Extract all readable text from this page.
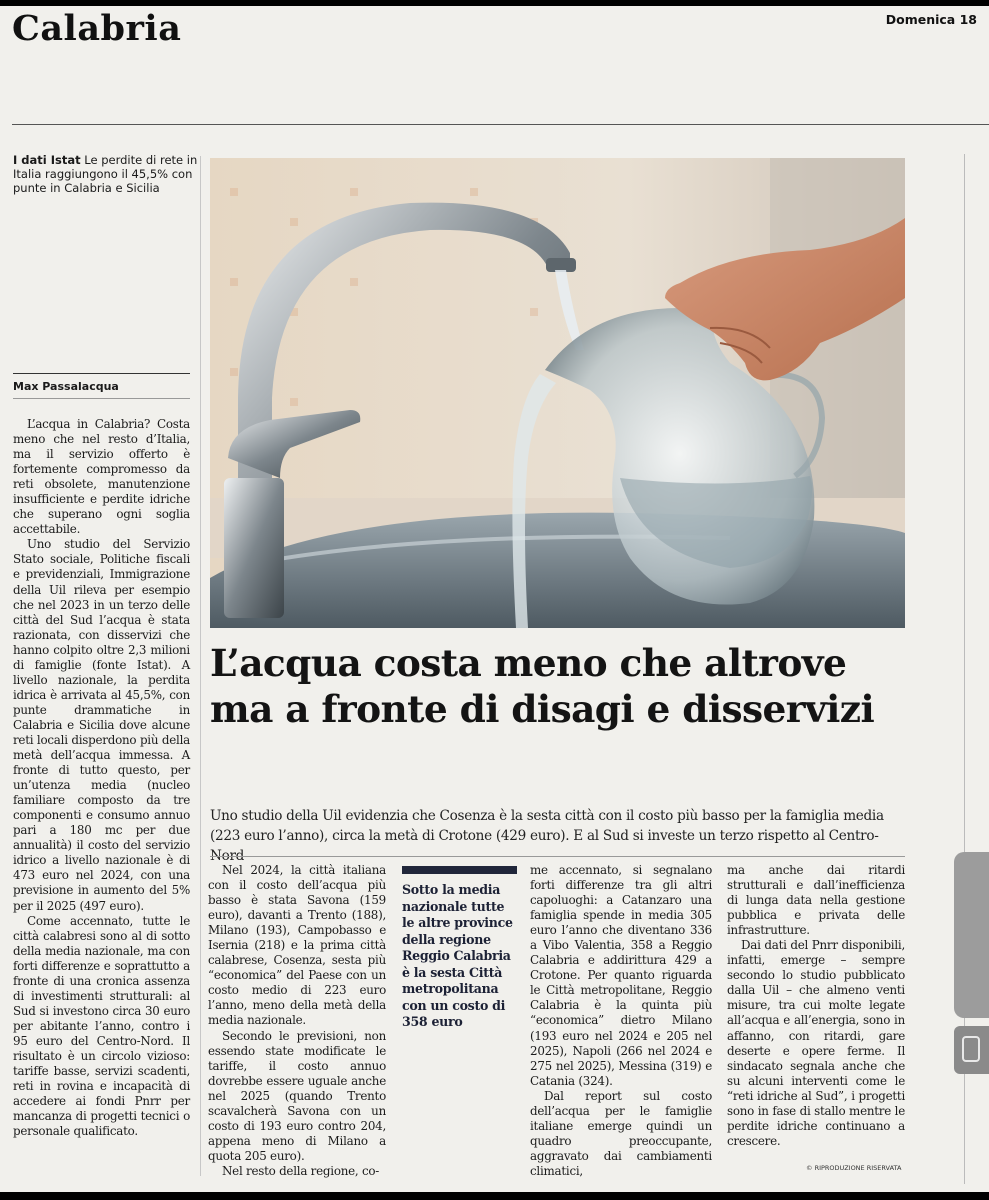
Calabria	Domenica 18

I dati Istat Le perdite di rete in Italia raggiungono il 45,5% con punte in Calabria e Sicilia

Max Passalacqua

L’acqua in Calabria? Costa meno che nel resto d’Italia, ma il servizio offerto è fortemente compromesso da reti obsolete, manutenzione insufficiente e perdite idriche che superano ogni soglia accettabile.

Uno studio del Servizio Stato sociale, Politiche fiscali e previdenziali, Immigrazione della Uil rileva per esempio che nel 2023 in un terzo delle città del Sud l’acqua è stata razionata, con disservizi che hanno colpito oltre 2,3 milioni di famiglie (fonte Istat). A livello nazionale, la perdita idrica è arrivata al 45,5%, con punte drammatiche in Calabria e Sicilia dove alcune reti locali disperdono più della metà dell’acqua immessa. A fronte di tutto questo, per un’utenza media (nucleo familiare composto da tre componenti e consumo annuo pari a 180 mc per due annualità) il costo del servizio idrico a livello nazionale è di 473 euro nel 2024, con una previsione in aumento del 5% per il 2025 (497 euro).

Come accennato, tutte le città calabresi sono al di sotto della media nazionale, ma con forti differenze e soprattutto a fronte di una cronica assenza di investimenti strutturali: al Sud si investono circa 30 euro per abitante l’anno, contro i 95 euro del Centro-Nord. Il risultato è un circolo vizioso: tariffe basse, servizi scadenti, reti in rovina e incapacità di accedere ai fondi Pnrr per mancanza di progetti tecnici o personale qualificato.

L’acqua costa meno che altrove
ma a fronte di disagi e disservizi

Uno studio della Uil evidenzia che Cosenza è la sesta città con il costo più basso per la famiglia media (223 euro l’anno), circa la metà di Crotone (429 euro). E al Sud si investe un terzo rispetto al Centro-Nord

Nel 2024, la città italiana con il costo dell’acqua più basso è stata Savona (159 euro), davanti a Trento (188), Milano (193), Campobasso e Isernia (218) e la prima città calabrese, Cosenza, sesta più “economica” del Paese con un costo medio di 223 euro l’anno, meno della metà della media nazionale.

Secondo le previsioni, non essendo state modificate le tariffe, il costo annuo dovrebbe essere uguale anche nel 2025 (quando Trento scavalcherà Savona con un costo di 193 euro contro 204, appena meno di Milano a quota 205 euro).

Nel resto della regione, co-

Sotto la media nazionale tutte le altre province della regione Reggio Calabria è la sesta Città metropolitana con un costo di 358 euro

me accennato, si segnalano forti differenze tra gli altri capoluoghi: a Catanzaro una famiglia spende in media 305 euro l’anno che diventano 336 a Vibo Valentia, 358 a Reggio Calabria e addirittura 429 a Crotone. Per quanto riguarda le Città metropolitane, Reggio Calabria è la quinta più “economica” dietro Milano (193 euro nel 2024 e 205 nel 2025), Napoli (266 nel 2024 e 275 nel 2025), Messina (319) e Catania (324).

Dal report sul costo dell’acqua per le famiglie italiane emerge quindi un quadro preoccupante, aggravato dai cambiamenti climatici,

ma anche dai ritardi strutturali e dall’inefficienza di lunga data nella gestione pubblica e privata delle infrastrutture.

Dai dati del Pnrr disponibili, infatti, emerge – sempre secondo lo studio pubblicato dalla Uil – che almeno venti misure, tra cui molte legate all’acqua e all’energia, sono in affanno, con ritardi, gare deserte e opere ferme. Il sindacato segnala anche che su alcuni interventi come le “reti idriche al Sud”, i progetti sono in fase di stallo mentre le perdite idriche continuano a crescere.

© RIPRODUZIONE RISERVATA
